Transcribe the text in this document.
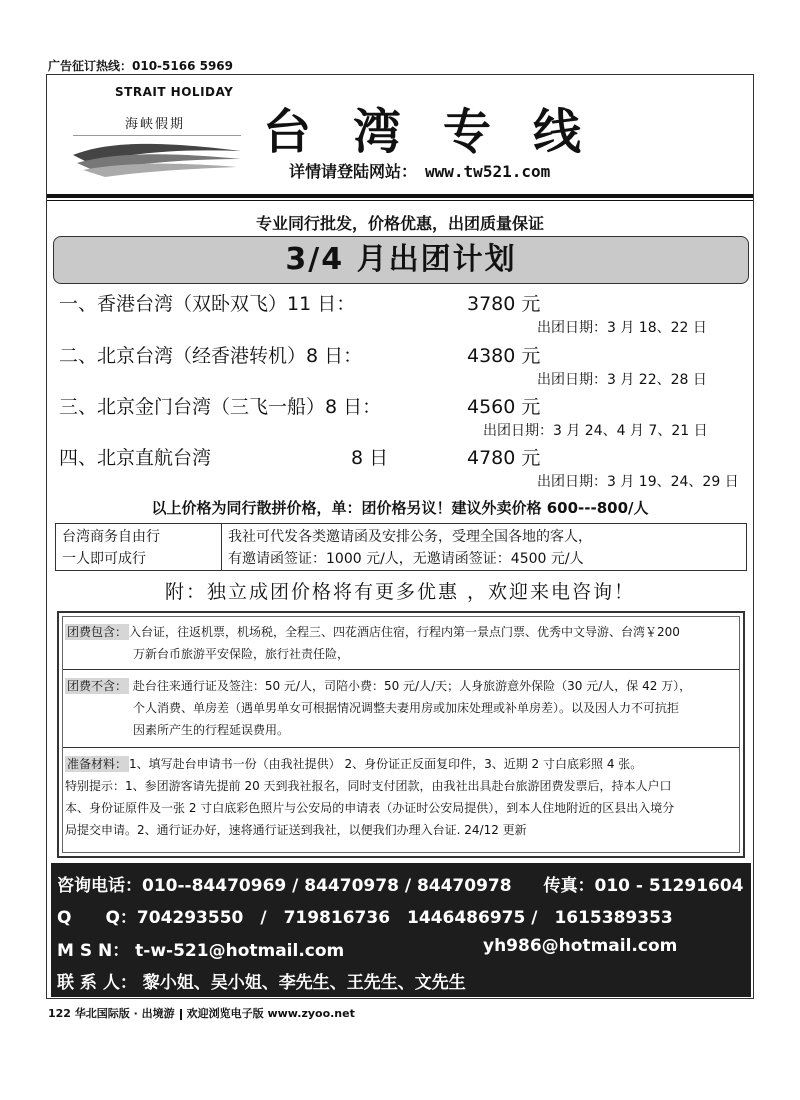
广告征订热线：010-5166 5969
STRAIT HOLIDAY
海峡假期 台湾专线
详情请登陆网站： www.tw521.com
专业同行批发，价格优惠，出团质量保证
3/4 月出团计划
一、香港台湾（双卧双飞）11 日：	3780 元
出团日期：3 月 18、22 日
二、北京台湾（经香港转机）8 日：	4380 元
出团日期：3 月 22、28 日
三、北京金门台湾（三飞一船）8 日：	4560 元
出团日期：3 月 24、4 月 7、21 日
四、北京直航台湾	8 日	4780 元
出团日期：3 月 19、24、29 日
以上价格为同行散拼价格，单：团价格另议！建议外卖价格 600---800/人
台湾商务自由行
一人即可成行
我社可代发各类邀请函及安排公务，受理全国各地的客人，
有邀请函签证：1000 元/人，无邀请函签证：4500 元/人
附：独立成团价格将有更多优惠 ，欢迎来电咨询！

团费包含： 入台证，往返机票，机场税，全程三、四花酒店住宿，行程内第一景点门票、优秀中文导游、台湾￥200

万新台币旅游平安保险，旅行社责任险，

团费不含： 赴台往来通行证及签注：50 元/人，司陪小费：50 元/人/天；人身旅游意外保险（30 元/人，保 42 万），

个人消费、单房差（遇单男单女可根据情况调整夫妻用房或加床处理或补单房差）。以及因人力不可抗拒

因素所产生的行程延误费用。

准备材料： 1、填写赴台申请书一份（由我社提供） 2、身份证正反面复印件，3、近期 2 寸白底彩照 4 张。

特别提示：1、参团游客请先提前 20 天到我社报名，同时支付团款，由我社出具赴台旅游团费发票后，持本人户口

本、身份证原件及一张 2 寸白底彩色照片与公安局的申请表（办证时公安局提供），到本人住地附近的区县出入境分

局提交申请。2、通行证办好，速将通行证送到我社，以便我们办理入台证. 24/12 更新

咨询电话：010--84470969 / 84470978 / 84470978 传真：010 - 51291604

Q　　Q：704293550　/　719816736　1446486975 /　1615389353

M S N： t-w-521@hotmail.com	yh986@hotmail.com

联 系 人： 黎小姐、吴小姐、李先生、王先生、文先生

122 华北国际版 · 出境游 欢迎浏览电子版 www.zyoo.net
